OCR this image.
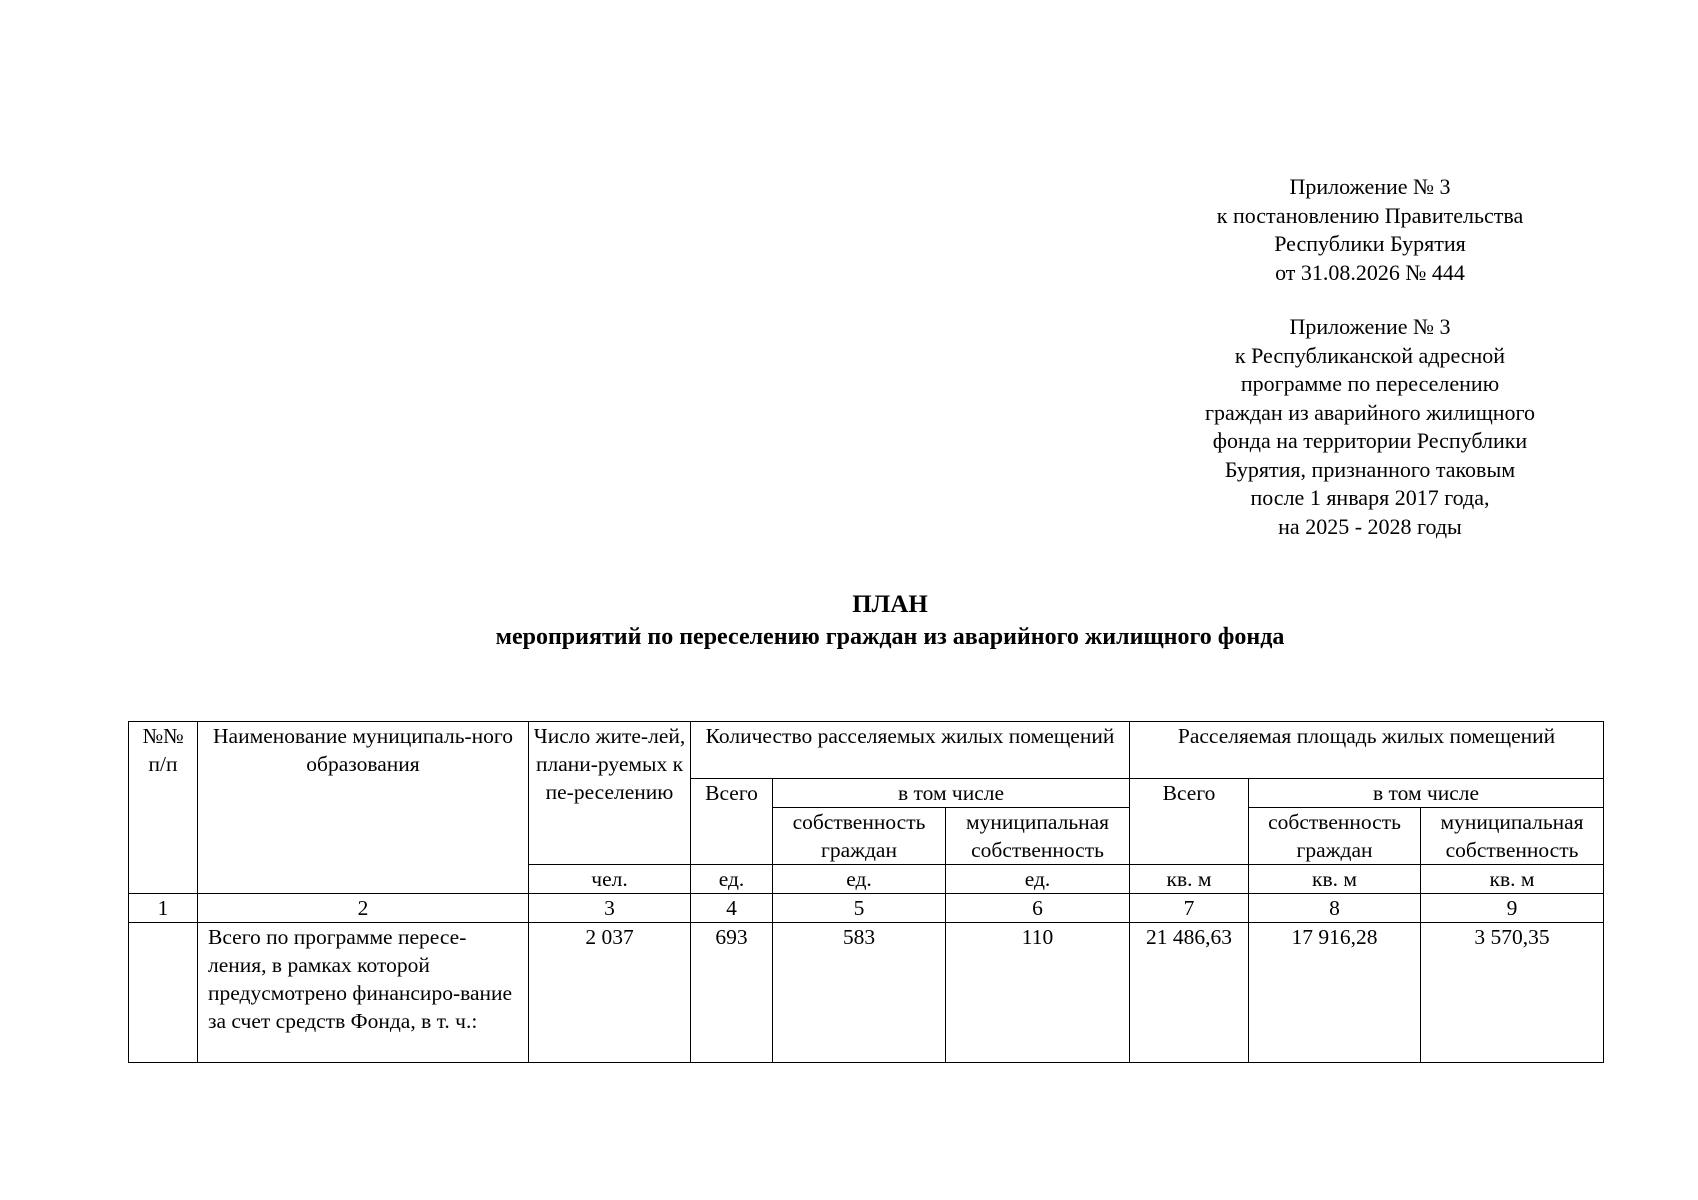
Приложение № 3
к постановлению Правительства
Республики Бурятия
от 31.08.2026 № 444
Приложение № 3
к Республиканской адресной
программе по переселению
граждан из аварийного жилищного
фонда на территории Республики
Бурятия, признанного таковым
после 1 января 2017 года,
на 2025 - 2028 годы
ПЛАН
мероприятий по переселению граждан из аварийного жилищного фонда
№№ п/п	Наименование муниципаль-ного образования	Число жите-лей, плани-руемых к пе-реселению	Количество расселяемых жилых помещений			Расселяемая площадь жилых помещений		
			Всего	в том числе		Всего	в том числе	
				собственность граждан	муниципальная собственность		собственность граждан	муниципальная собственность
		чел.	ед.	ед.	ед.	кв. м	кв. м	кв. м
1	2	3	4	5	6	7	8	9
	Всего по программе пересе-ления, в рамках которой предусмотрено финансиро-вание за счет средств Фонда, в т. ч.:	2 037	693	583	110	21 486,63	17 916,28	3 570,35
